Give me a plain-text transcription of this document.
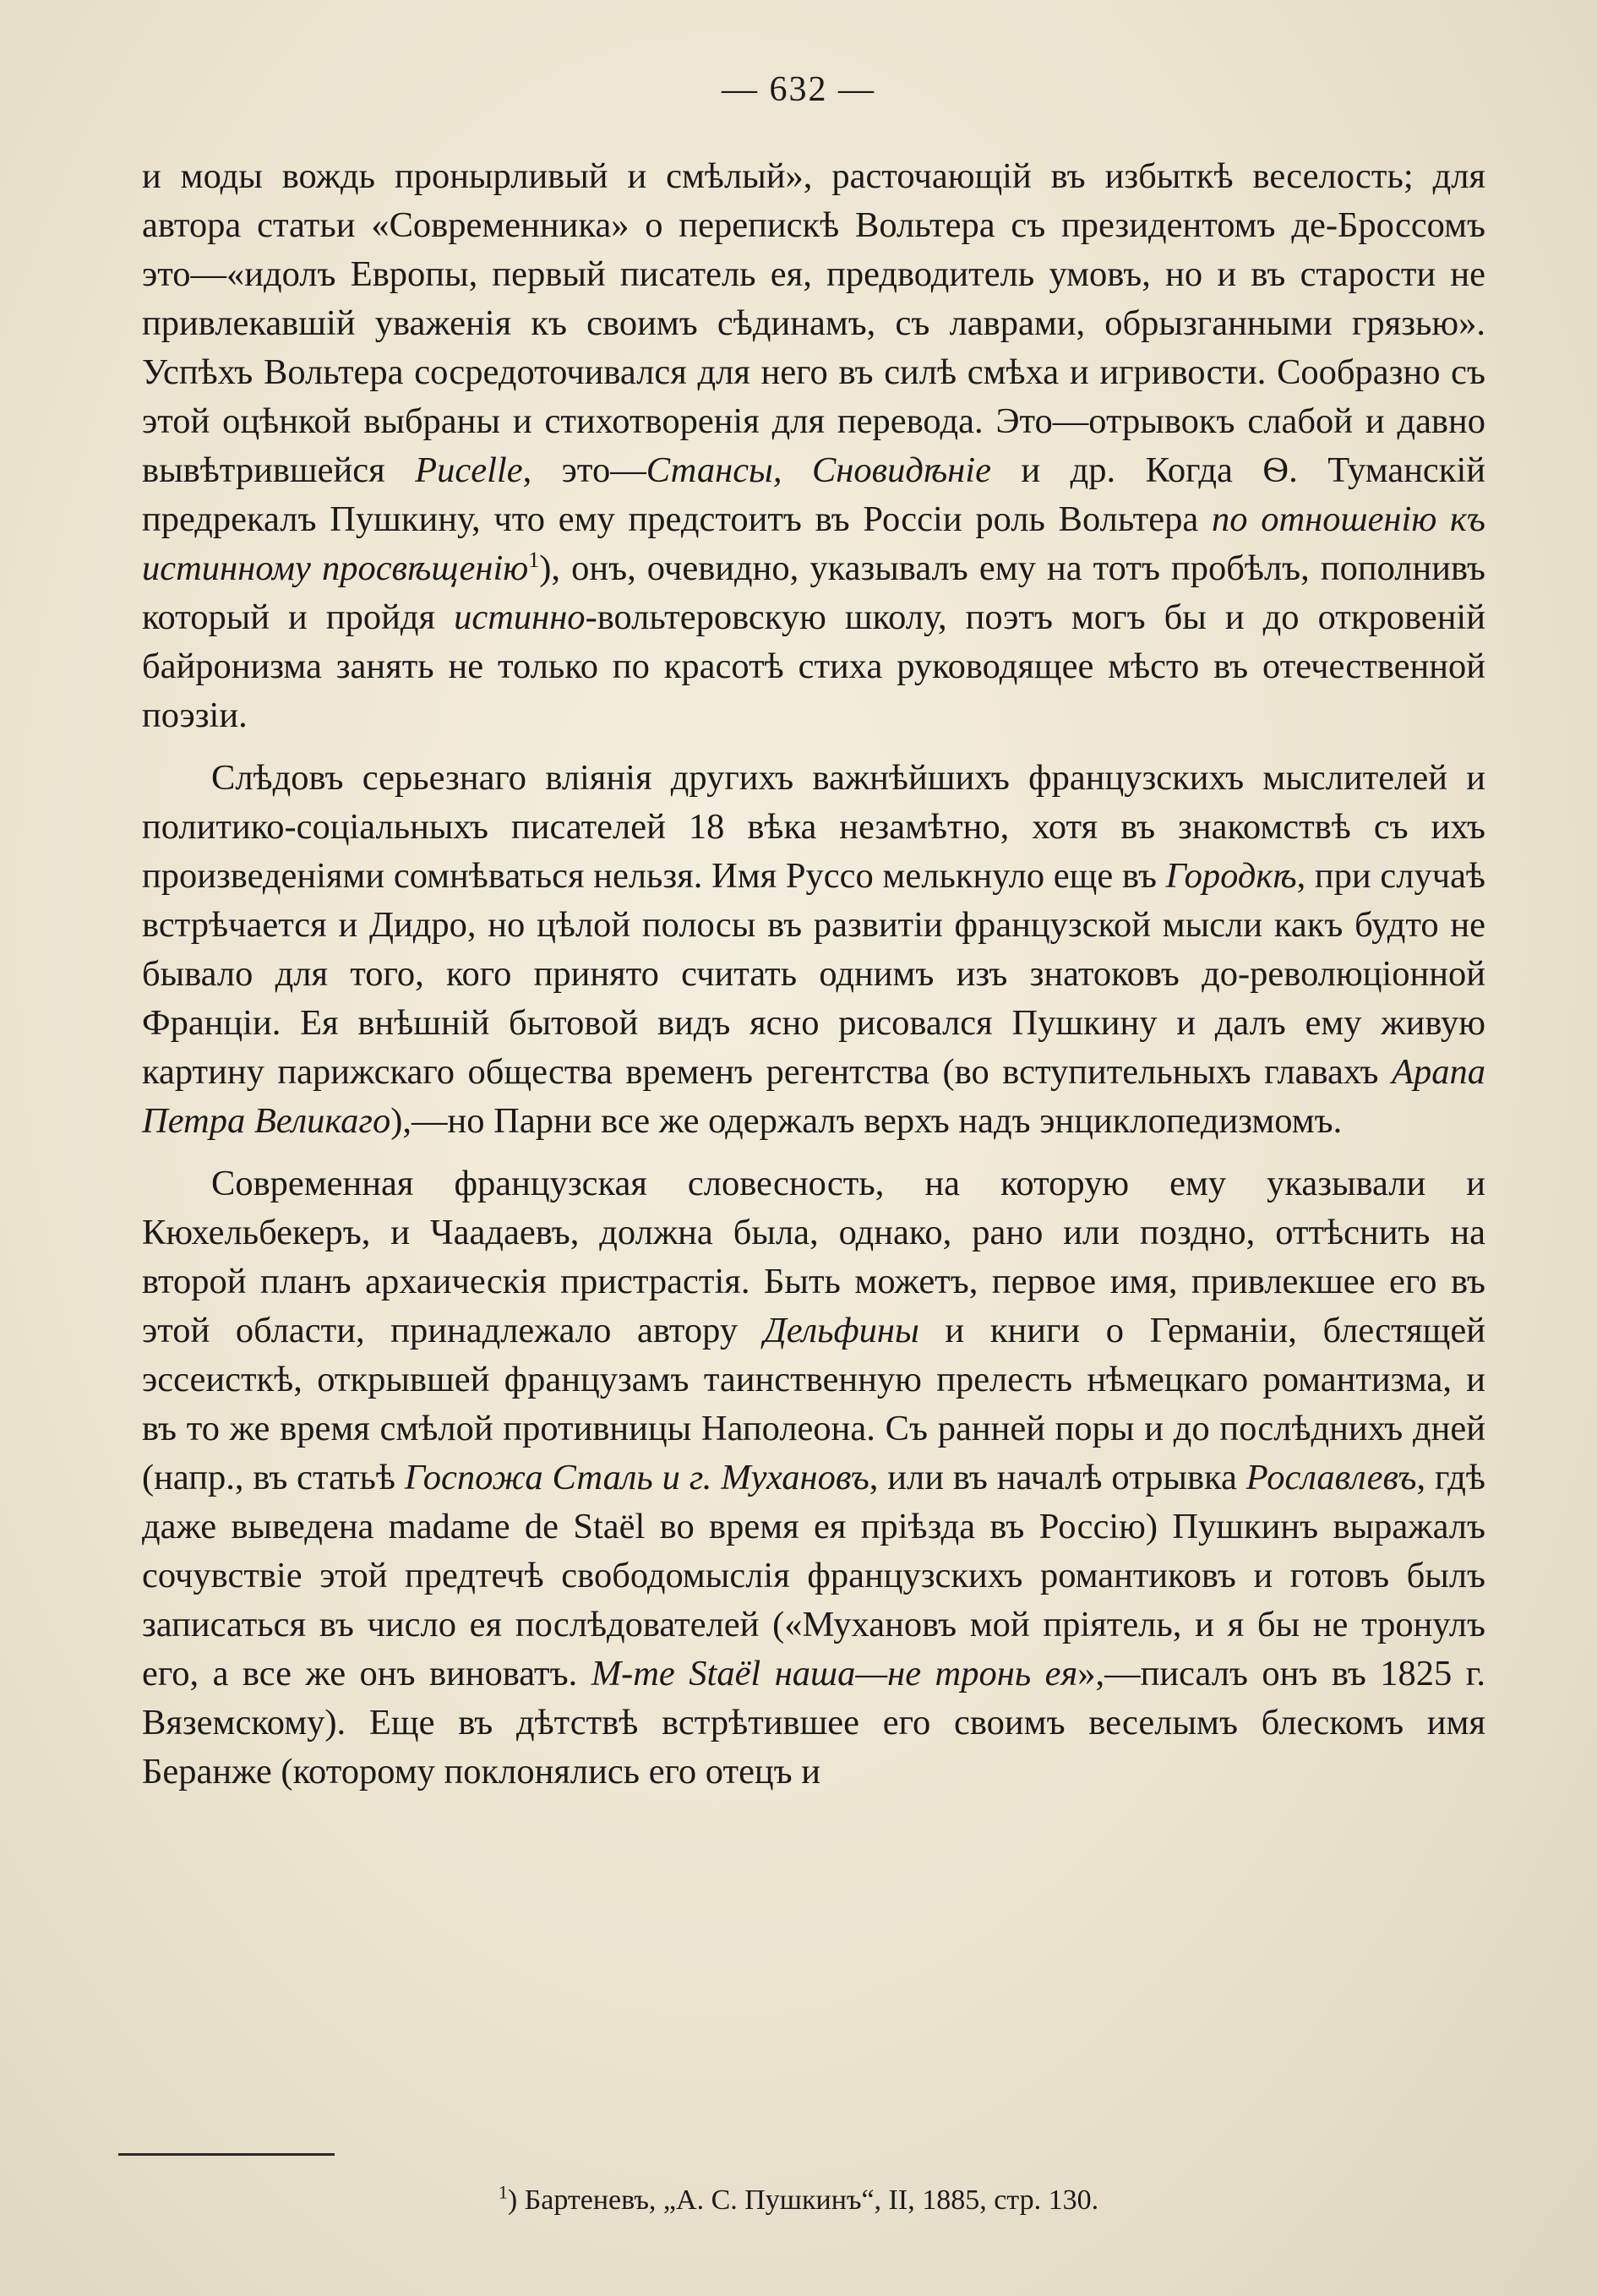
— 632 —

и моды вождь пронырливый и смѣлый», расточающій въ избыткѣ веселость; для автора статьи «Современника» о перепискѣ Вольтера съ президентомъ де-Броссомъ это—«идолъ Европы, первый писатель ея, предводитель умовъ, но и въ старости не привлекавшій уваженія къ своимъ сѣдинамъ, съ лаврами, обрызганными грязью». Успѣхъ Вольтера сосредоточивался для него въ силѣ смѣха и игривости. Сообразно съ этой оцѣнкой выбраны и стихотворенія для перевода. Это—отрывокъ слабой и давно вывѣтрившейся Pucelle, это—Стансы, Сновидѣніе и др. Когда Ѳ. Туманскій предрекалъ Пушкину, что ему предстоитъ въ Россіи роль Вольтера по отношенію къ истинному просвѣщенію$^1$), онъ, очевидно, указывалъ ему на тотъ пробѣлъ, пополнивъ который и пройдя истинно-вольтеровскую школу, поэтъ могъ бы и до откровеній байронизма занять не только по красотѣ стиха руководящее мѣсто въ отечественной поэзіи.

Слѣдовъ серьезнаго вліянія другихъ важнѣйшихъ французскихъ мыслителей и политико-соціальныхъ писателей 18 вѣка незамѣтно, хотя въ знакомствѣ съ ихъ произведеніями сомнѣваться нельзя. Имя Руссо мелькнуло еще въ Городкѣ, при случаѣ встрѣчается и Дидро, но цѣлой полосы въ развитіи французской мысли какъ будто не бывало для того, кого принято считать однимъ изъ знатоковъ до-революціонной Франціи. Ея внѣшній бытовой видъ ясно рисовался Пушкину и далъ ему живую картину парижскаго общества временъ регентства (во вступительныхъ главахъ Арапа Петра Великаго),—но Парни все же одержалъ верхъ надъ энциклопедизмомъ.

Современная французская словесность, на которую ему указывали и Кюхельбекеръ, и Чаадаевъ, должна была, однако, рано или поздно, оттѣснить на второй планъ архаическія пристрастія. Быть можетъ, первое имя, привлекшее его въ этой области, принадлежало автору Дельфины и книги о Германіи, блестящей эссеисткѣ, открывшей французамъ таинственную прелесть нѣмецкаго романтизма, и въ то же время смѣлой противницы Наполеона. Съ ранней поры и до послѣднихъ дней (напр., въ статьѣ Госпожа Сталь и г. Мухановъ, или въ началѣ отрывка Рославлевъ, гдѣ даже выведена madame de Staël во время ея пріѣзда въ Россію) Пушкинъ выражалъ сочувствіе этой предтечѣ свободомыслія французскихъ романтиковъ и готовъ былъ записаться въ число ея послѣдователей («Мухановъ мой пріятель, и я бы не тронулъ его, а все же онъ виноватъ. M-me Staël наша—не тронь ея»,—писалъ онъ въ 1825 г. Вяземскому). Еще въ дѣтствѣ встрѣтившее его своимъ веселымъ блескомъ имя Беранже (которому поклонялись его отецъ и

$^1$) Бартеневъ, „А. С. Пушкинъ“, II, 1885, стр. 130.
